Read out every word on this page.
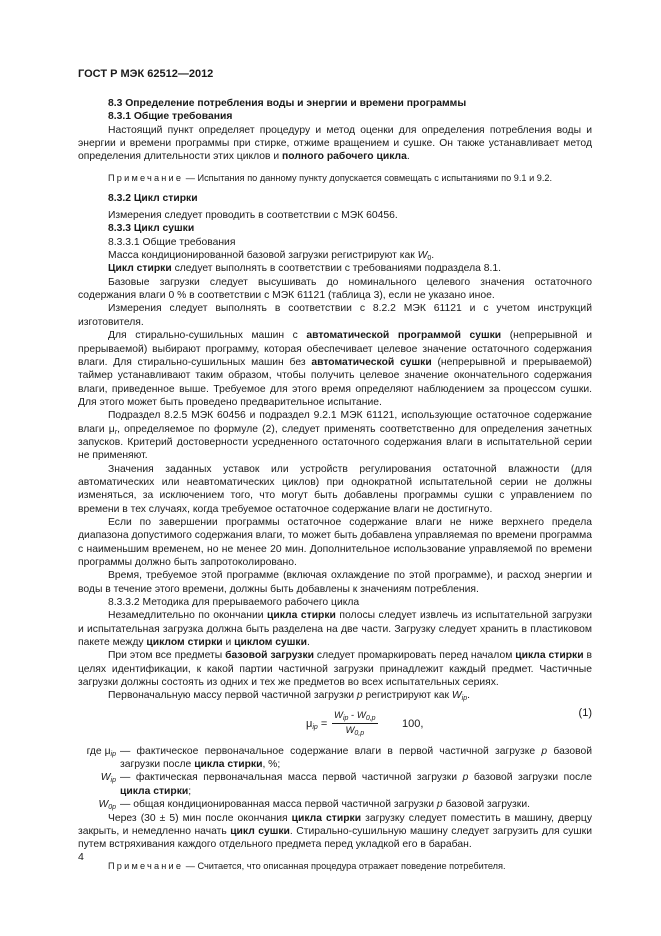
ГОСТ Р МЭК 62512—2012

8.3 Определение потребления воды и энергии и времени программы

8.3.1 Общие требования

Настоящий пункт определяет процедуру и метод оценки для определения потребления воды и энергии и времени программы при стирке, отжиме вращением и сушке. Он также устанавливает метод определения длительности этих циклов и полного рабочего цикла.

Примечание — Испытания по данному пункту допускается совмещать с испытаниями по 9.1 и 9.2.

8.3.2 Цикл стирки

Измерения следует проводить в соответствии с МЭК 60456.

8.3.3 Цикл сушки

8.3.3.1 Общие требования

Масса кондиционированной базовой загрузки регистрируют как $W_0$.

Цикл стирки следует выполнять в соответствии с требованиями подраздела 8.1.

Базовые загрузки следует высушивать до номинального целевого значения остаточного содержания влаги 0 % в соответствии с МЭК 61121 (таблица 3), если не указано иное.

Измерения следует выполнять в соответствии с 8.2.2 МЭК 61121 и с учетом инструкций изготовителя.

Для стирально-сушильных машин с автоматической программой сушки (непрерывной и прерываемой) выбирают программу, которая обеспечивает целевое значение остаточного содержания влаги. Для стирально-сушильных машин без автоматической сушки (непрерывной и прерываемой) таймер устанавливают таким образом, чтобы получить целевое значение окончательного содержания влаги, приведенное выше. Требуемое для этого время определяют наблюдением за процессом сушки. Для этого может быть проведено предварительное испытание.

Подраздел 8.2.5 МЭК 60456 и подраздел 9.2.1 МЭК 61121, использующие остаточное содержание влаги $\mu_r$, определяемое по формуле (2), следует применять соответственно для определения зачетных запусков. Критерий достоверности усредненного остаточного содержания влаги в испытательной серии не применяют.

Значения заданных уставок или устройств регулирования остаточной влажности (для автоматических или неавтоматических циклов) при однократной испытательной серии не должны изменяться, за исключением того, что могут быть добавлены программы сушки с управлением по времени в тех случаях, когда требуемое остаточное содержание влаги не достигнуто.

Если по завершении программы остаточное содержание влаги не ниже верхнего предела диапазона допустимого содержания влаги, то может быть добавлена управляемая по времени программа с наименьшим временем, но не менее 20 мин. Дополнительное использование управляемой по времени программы должно быть запротоколировано.

Время, требуемое этой программе (включая охлаждение по этой программе), и расход энергии и воды в течение этого времени, должны быть добавлены к значениям потребления.

8.3.3.2 Методика для прерываемого рабочего цикла

Незамедлительно по окончании цикла стирки полосы следует извлечь из испытательной загрузки и испытательная загрузка должна быть разделена на две части. Загрузку следует хранить в пластиковом пакете между циклом стирки и циклом сушки.

При этом все предметы базовой загрузки следует промаркировать перед началом цикла стирки в целях идентификации, к какой партии частичной загрузки принадлежит каждый предмет. Частичные загрузки должны состоять из одних и тех же предметов во всех испытательных сериях.

Первоначальную массу первой частичной загрузки p регистрируют как $W_{ip}$.

$\mu_{ip}$ =
$W_{ip} - W_{0,p}$
$W_{0,p}$
100,
(1)
где $\mu_{ip}$ — фактическое первоначальное содержание влаги в первой частичной загрузке p базовой загрузки после цикла стирки, %;
$W_{ip}$ — фактическая первоначальная масса первой частичной загрузки p базовой загрузки после цикла стирки;
$W_{0p}$ — общая кондиционированная масса первой частичной загрузки p базовой загрузки.

Через (30 ± 5) мин после окончания цикла стирки загрузку следует поместить в машину, дверцу закрыть, и немедленно начать цикл сушки. Стирально-сушильную машину следует загрузить для сушки путем встряхивания каждого отдельного предмета перед укладкой его в барабан.

Примечание — Считается, что описанная процедура отражает поведение потребителя.

4
